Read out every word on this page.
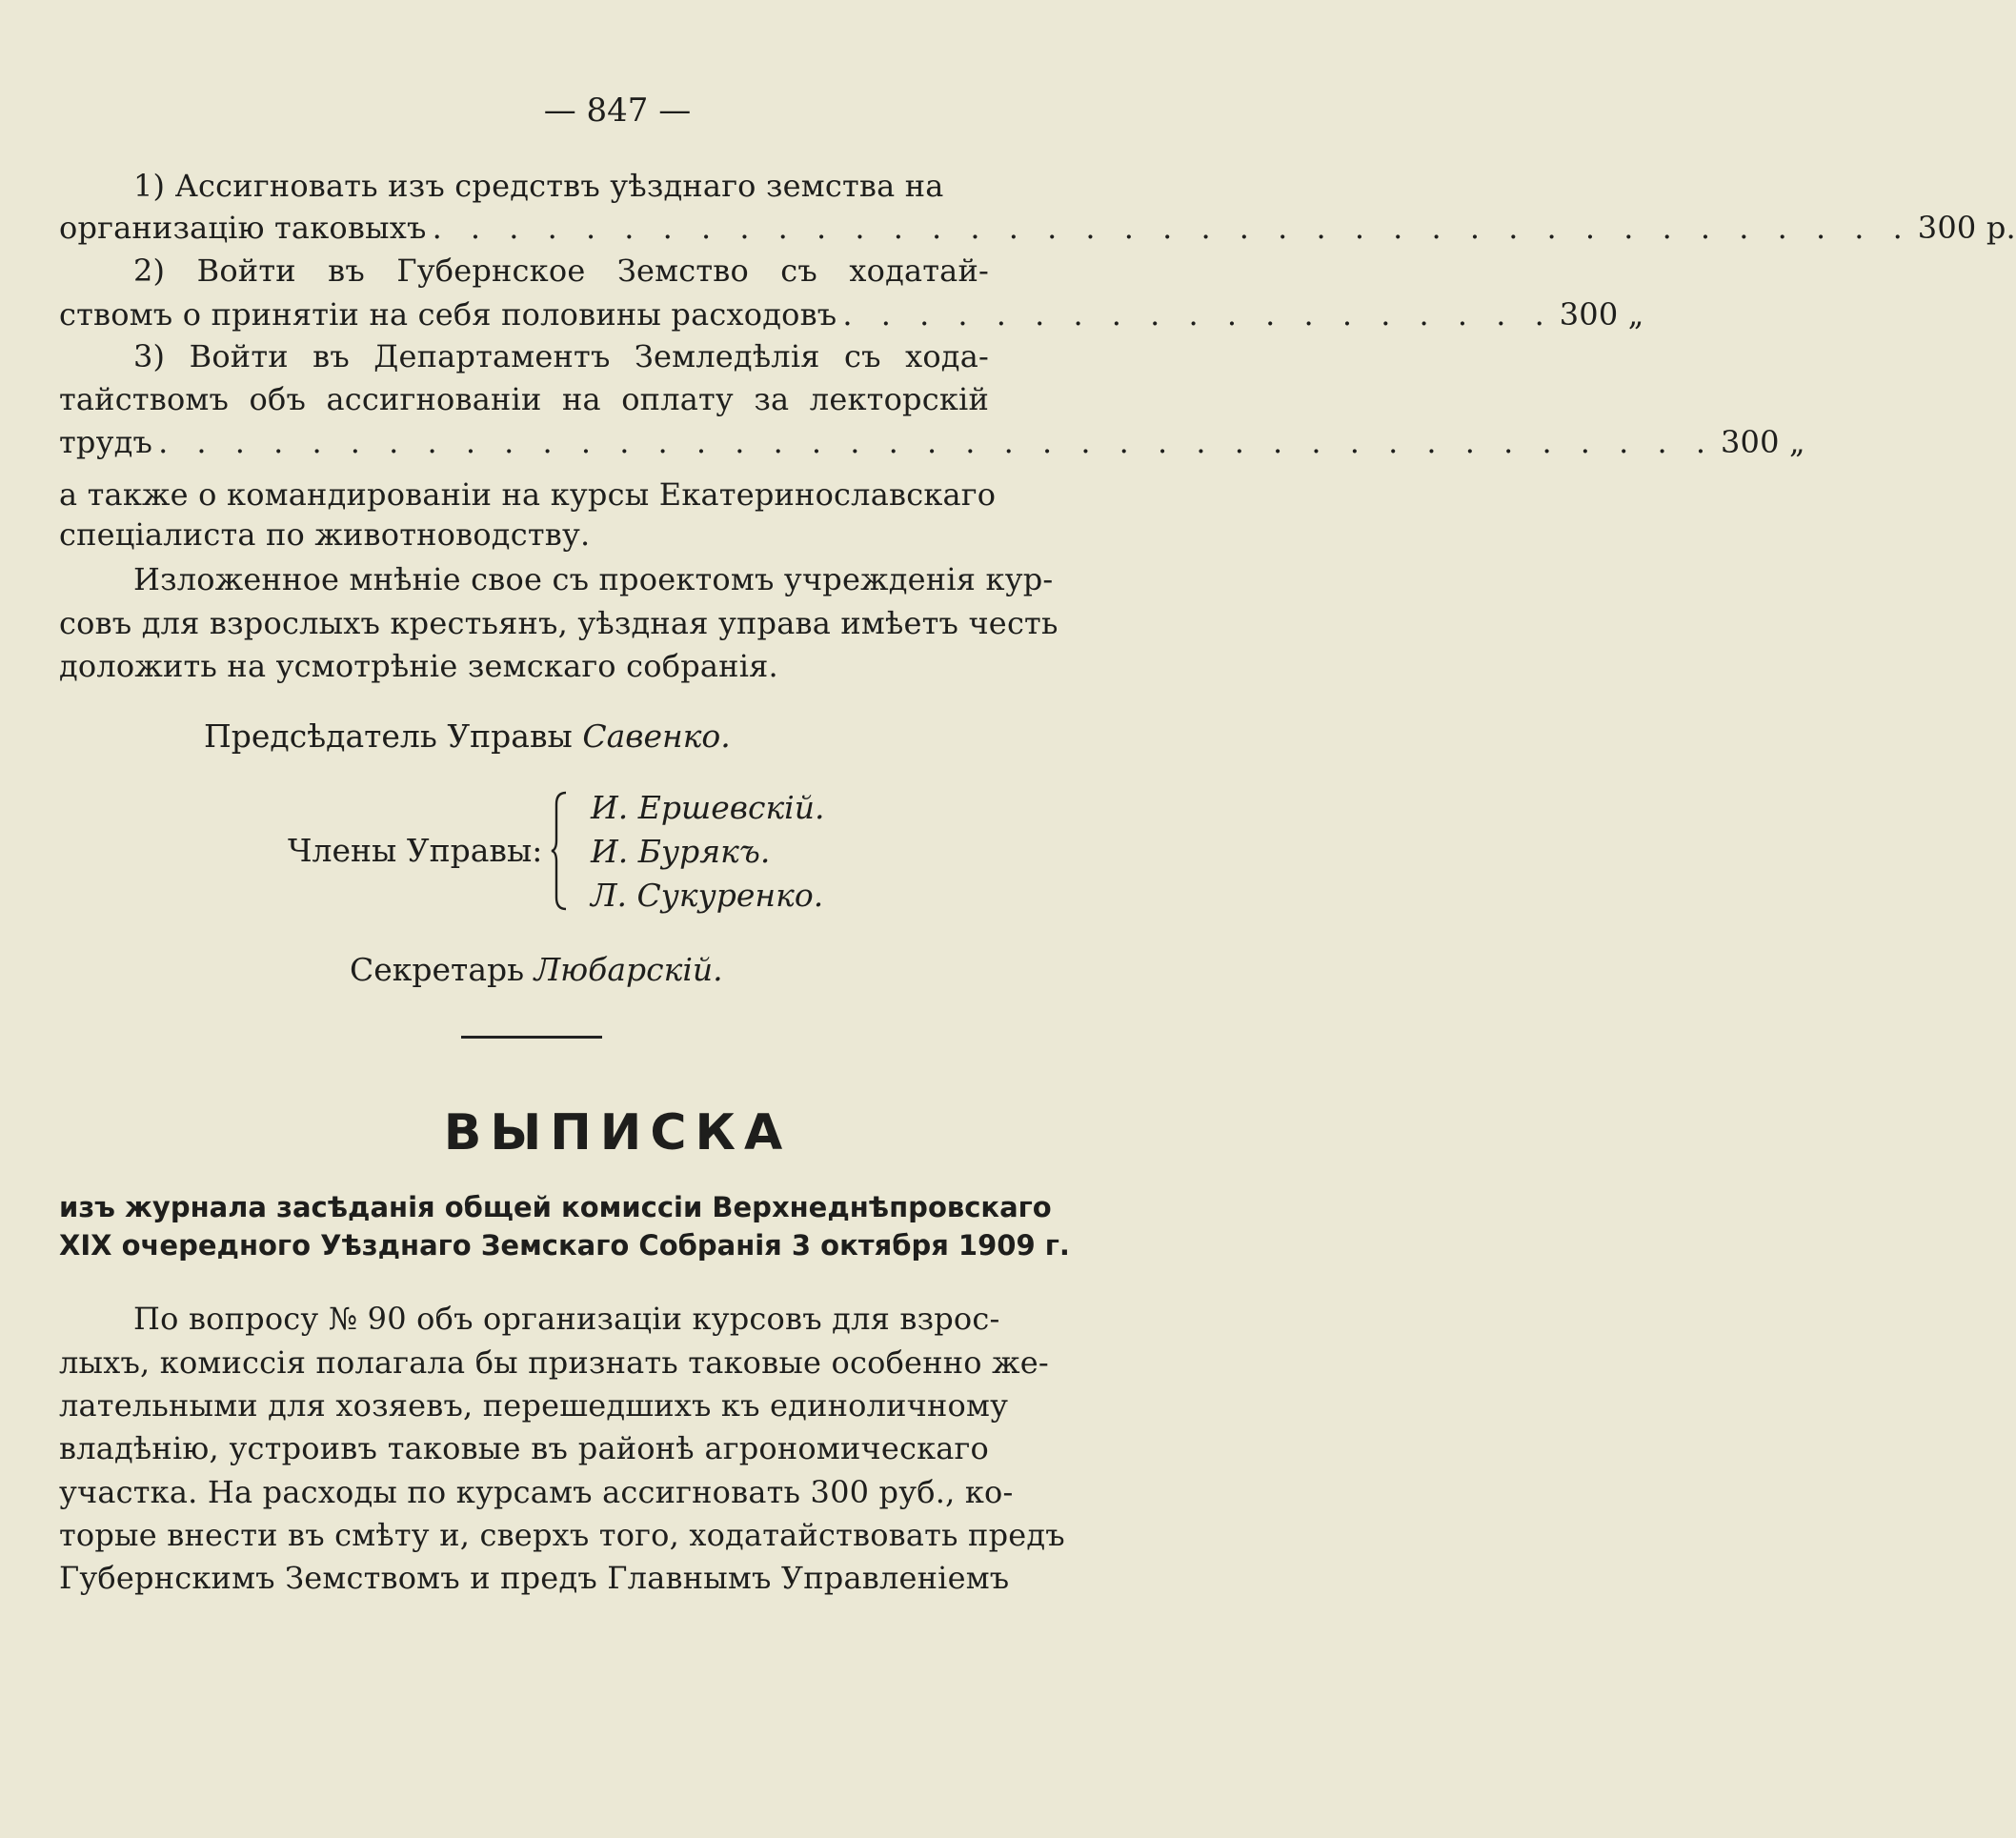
— 847 —
1) Ассигновать изъ средствъ уѣзднаго земства на
организацію таковыхъ . . . . . . . . . . . . . . . . . . . . . . . . . . . . . . . . . . . . . . . 300 р.
2) Войти въ Губернское Земство съ ходатай-
ствомъ о принятіи на себя половины расходовъ . . . . . . . . . . . . . . . . . . . 300 „
3) Войти въ Департаментъ Земледѣлія съ хода-
тайствомъ объ ассигнованіи на оплату за лекторскій
трудъ . . . . . . . . . . . . . . . . . . . . . . . . . . . . . . . . . . . . . . . . . 300 „
а также о командированіи на курсы Екатеринославскаго
спеціалиста по животноводству.
Изложенное мнѣніе свое съ проектомъ учрежденія кур-
совъ для взрослыхъ крестьянъ, уѣздная управа имѣетъ честь
доложить на усмотрѣніе земскаго собранія.
Предсѣдатель Управы Савенко.
Члены Управы:
И. Ершевскій.
И. Бурякъ.
Л. Сукуренко.
Секретарь Любарскій.
ВЫПИСКА
изъ журнала засѣданія общей комиссіи Верхнеднѣпровскаго
XIX очередного Уѣзднаго Земскаго Собранія 3 октября 1909 г.
По вопросу № 90 объ организаціи курсовъ для взрос-
лыхъ, комиссія полагала бы признать таковые особенно же-
лательными для хозяевъ, перешедшихъ къ единоличному
владѣнію, устроивъ таковые въ районѣ агрономическаго
участка. На расходы по курсамъ ассигновать 300 руб., ко-
торые внести въ смѣту и, сверхъ того, ходатайствовать предъ
Губернскимъ Земствомъ и предъ Главнымъ Управленіемъ
